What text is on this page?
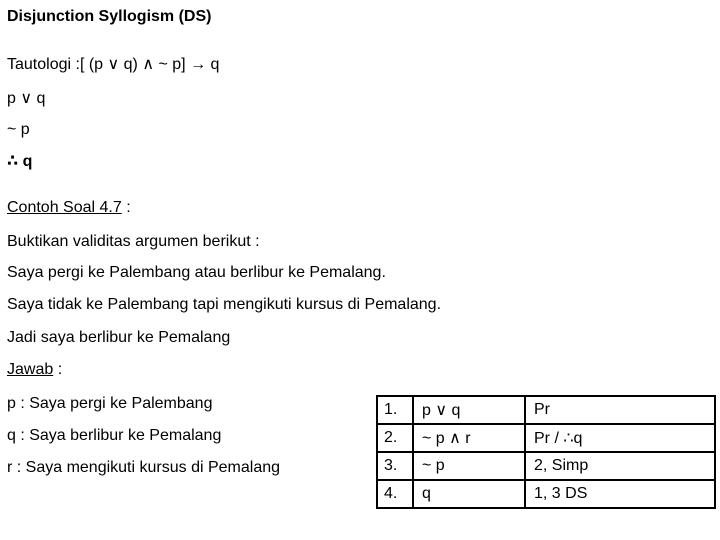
Disjunction Syllogism (DS)
Tautologi :[ (p ∨ q) ∧ ~ p] → q
p ∨ q
~ p
∴ q
Contoh Soal 4.7 :
Buktikan validitas argumen berikut :
Saya pergi ke Palembang atau berlibur ke Pemalang.
Saya tidak ke Palembang tapi mengikuti kursus di Pemalang.
Jadi saya berlibur ke Pemalang
Jawab :
p : Saya pergi ke Palembang
q : Saya berlibur ke Pemalang
r : Saya mengikuti kursus di Pemalang
1.	p ∨ q	Pr
2.	~ p ∧ r	Pr / ∴q
3.	~ p	2, Simp
4.	q	1, 3 DS
